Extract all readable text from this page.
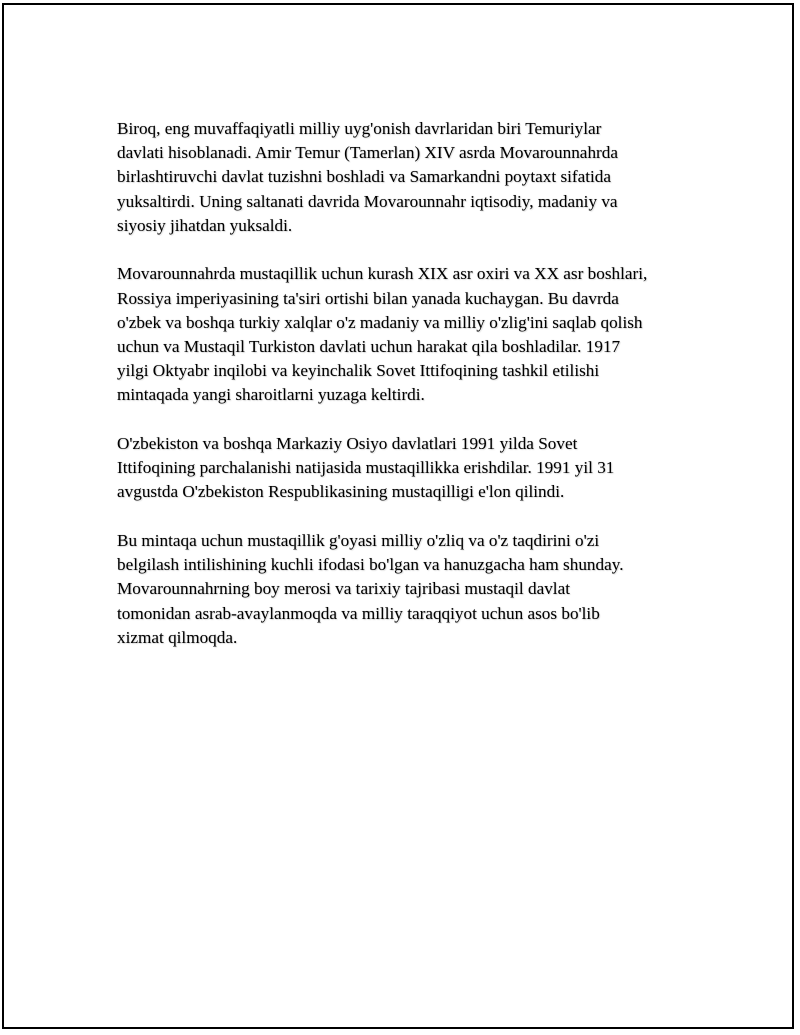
Biroq, eng muvaffaqiyatli milliy uyg'onish davrlaridan biri Temuriylar
davlati hisoblanadi. Amir Temur (Tamerlan) XIV asrda Movarounnahrda
birlashtiruvchi davlat tuzishni boshladi va Samarkandni poytaxt sifatida
yuksaltirdi. Uning saltanati davrida Movarounnahr iqtisodiy, madaniy va
siyosiy jihatdan yuksaldi.

Movarounnahrda mustaqillik uchun kurash XIX asr oxiri va XX asr boshlari,
Rossiya imperiyasining ta'siri ortishi bilan yanada kuchaygan. Bu davrda
o'zbek va boshqa turkiy xalqlar o'z madaniy va milliy o'zlig'ini saqlab qolish
uchun va Mustaqil Turkiston davlati uchun harakat qila boshladilar. 1917
yilgi Oktyabr inqilobi va keyinchalik Sovet Ittifoqining tashkil etilishi
mintaqada yangi sharoitlarni yuzaga keltirdi.

O'zbekiston va boshqa Markaziy Osiyo davlatlari 1991 yilda Sovet
Ittifoqining parchalanishi natijasida mustaqillikka erishdilar. 1991 yil 31
avgustda O'zbekiston Respublikasining mustaqilligi e'lon qilindi.

Bu mintaqa uchun mustaqillik g'oyasi milliy o'zliq va o'z taqdirini o'zi
belgilash intilishining kuchli ifodasi bo'lgan va hanuzgacha ham shunday.
Movarounnahrning boy merosi va tarixiy tajribasi mustaqil davlat
tomonidan asrab-avaylanmoqda va milliy taraqqiyot uchun asos bo'lib
xizmat qilmoqda.
